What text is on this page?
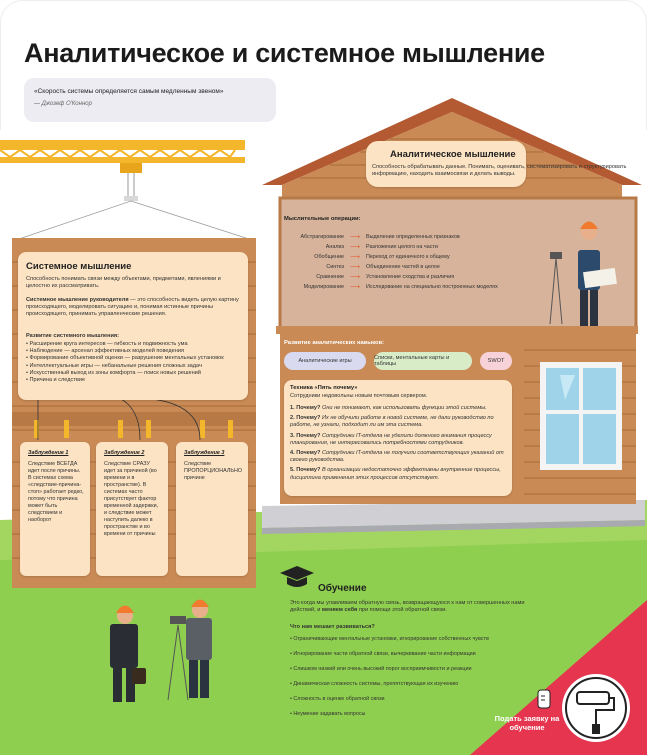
Аналитическое и системное мышление
«Скорость системы определяется самым медленным звеном»
— Джозеф О'Коннор
Аналитическое мышление
Способность обрабатывать данные. Понимать, оценивать, систематизировать и структурировать информацию, находить взаимосвязи и делать выводы.
Мыслительные операции:
Абстрагирование ⟶ Выделение определенных признаков
Анализ ⟶ Разложение целого на части
Обобщение ⟶ Переход от единичного к общему
Синтез ⟶ Объединение частей в целое
Сравнение ⟶ Установление сходства и различия
Моделирование ⟶ Исследование на специально построенных моделях
Развитие аналитических навыков:
Аналитические игры	Списки, ментальные карты и таблицы	SWOT
Техника «Пять почему»
Сотрудники недовольны новым почтовым сервером.
1. Почему? Они не понимают, как использовать функции этой системы.
2. Почему? Их не обучили работе в новой системе, не дали руководство по работе, не узнали, подходит ли им эта система.
3. Почему? Сотрудники IT-отдела не уделили должного внимания процессу планирования, не интересовались потребностями сотрудников.
4. Почему? Сотрудники IT-отдела не получили соответствующих указаний от своего руководства.
5. Почему? В организации недостаточно эффективны внутренние процессы, дисциплина применения этих процессов отсутствует.
Системное мышление
Способность понимать связи между объектами, предметами, явлениями и целостно их рассматривать.
Системное мышление руководителя — это способность видеть целую картину происходящего, моделировать ситуацию и, понимая истинные причины происходящего, принимать управленческие решения.
Развитие системного мышления:
• Расширение круга интересов — гибкость и подвижность ума
• Наблюдение — арсенал эффективных моделей поведения
• Формирование объективной оценки — разрушение ментальных установок
• Интеллектуальные игры — небанальные решения сложных задач
• Искусственный выход из зоны комфорта — поиск новых решений
• Причина и следствие
Заблуждение 1
Следствие ВСЕГДА идет после причины. В системах схема «следствие-причина-стоп» работает редко, потому что причина может быть следствием и наоборот
Заблуждение 2
Следствие СРАЗУ идет за причиной (во времени и в пространстве). В системах часто присутствует фактор временной задержки, и следствие может наступить далеко в пространстве и во времени от причины
Заблуждение 3
Следствие ПРОПОРЦИОНАЛЬНО причине
Обучение
Это когда мы улавливаем обратную связь, возвращающуюся к нам от совершенных нами действий, и меняем себя при помощи этой обратной связи.
Что нам мешает развиваться?
• Ограничивающие ментальные установки, игнорирование собственных чувств
• Игнорирование части обратной связи, вычеркивание части информации
• Слишком низкий или очень высокий порог восприимчивости и реакции
• Динамическая сложность системы, препятствующая их изучению
• Сложность в оценке обратной связи
• Неумение задавать вопросы	Подать заявку на обучение
